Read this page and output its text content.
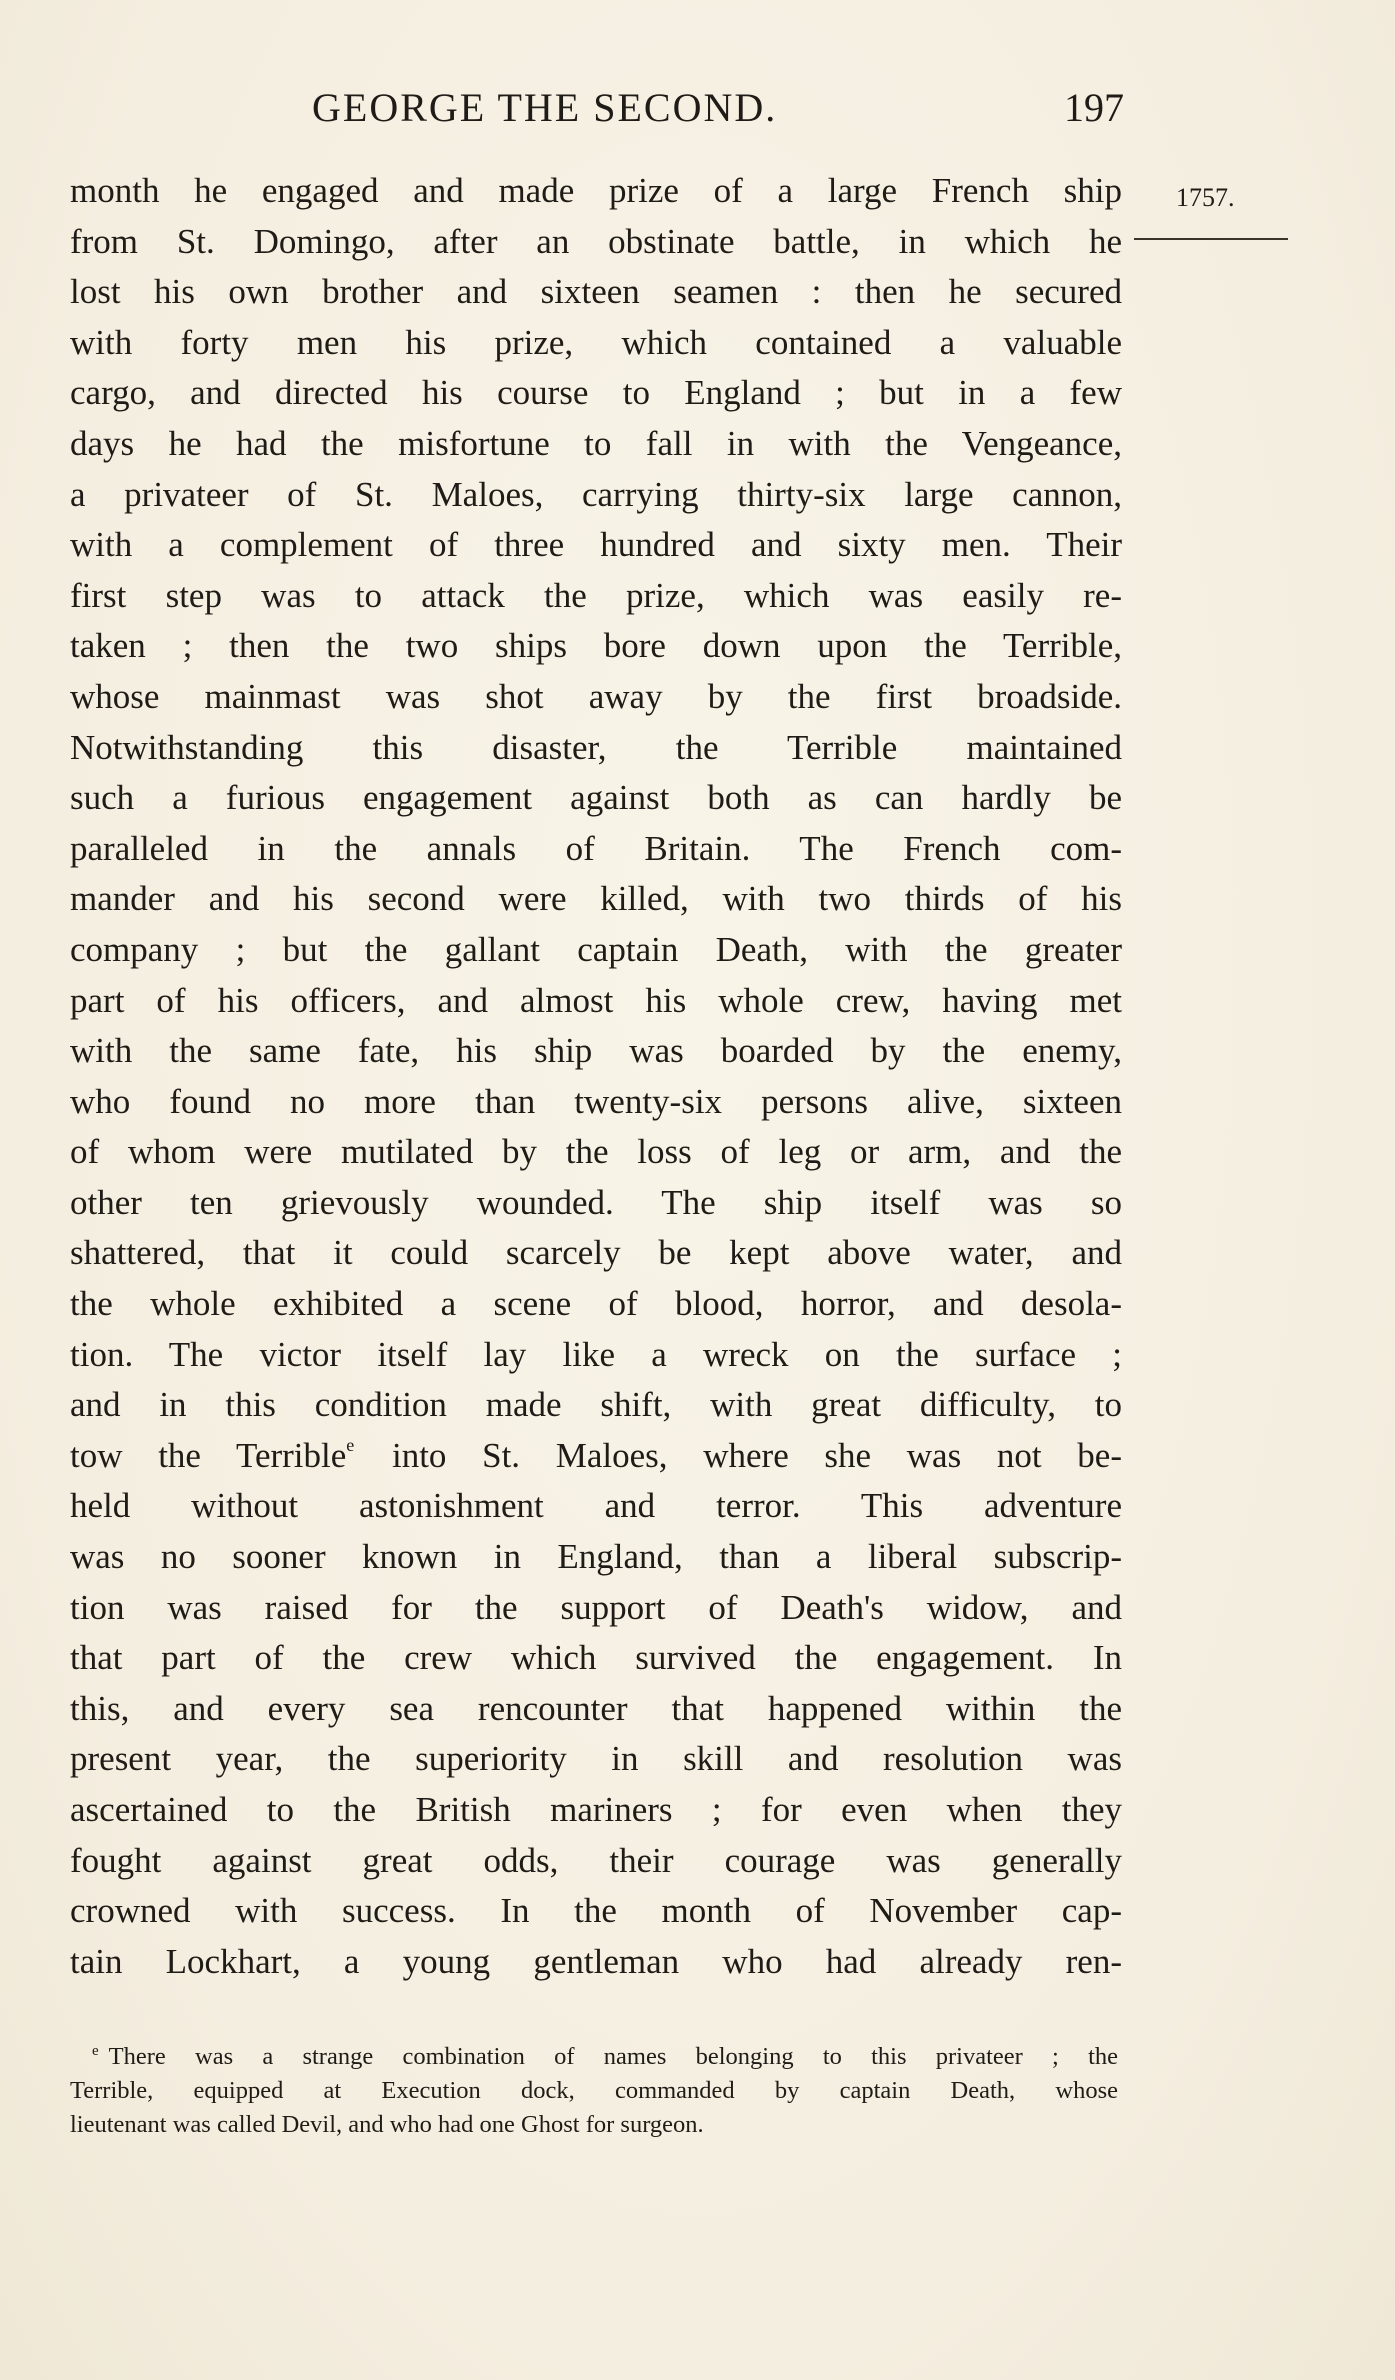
GEORGE THE SECOND.	197
1757.
month he engaged and made prize of a large French ship
from St. Domingo, after an obstinate battle, in which he
lost his own brother and sixteen seamen : then he secured
with forty men his prize, which contained a valuable
cargo, and directed his course to England ; but in a few
days he had the misfortune to fall in with the Vengeance,
a privateer of St. Maloes, carrying thirty-six large cannon,
with a complement of three hundred and sixty men. Their
first step was to attack the prize, which was easily re-
taken ; then the two ships bore down upon the Terrible,
whose mainmast was shot away by the first broadside.
Notwithstanding this disaster, the Terrible maintained
such a furious engagement against both as can hardly be
paralleled in the annals of Britain. The French com-
mander and his second were killed, with two thirds of his
company ; but the gallant captain Death, with the greater
part of his officers, and almost his whole crew, having met
with the same fate, his ship was boarded by the enemy,
who found no more than twenty-six persons alive, sixteen
of whom were mutilated by the loss of leg or arm, and the
other ten grievously wounded. The ship itself was so
shattered, that it could scarcely be kept above water, and
the whole exhibited a scene of blood, horror, and desola-
tion. The victor itself lay like a wreck on the surface ;
and in this condition made shift, with great difficulty, to
tow the Terrible$^e$ into St. Maloes, where she was not be-
held without astonishment and terror. This adventure
was no sooner known in England, than a liberal subscrip-
tion was raised for the support of Death's widow, and
that part of the crew which survived the engagement. In
this, and every sea rencounter that happened within the
present year, the superiority in skill and resolution was
ascertained to the British mariners ; for even when they
fought against great odds, their courage was generally
crowned with success. In the month of November cap-
tain Lockhart, a young gentleman who had already ren-
$^e$ There was a strange combination of names belonging to this privateer ; the
Terrible, equipped at Execution dock, commanded by captain Death, whose
lieutenant was called Devil, and who had one Ghost for surgeon.
